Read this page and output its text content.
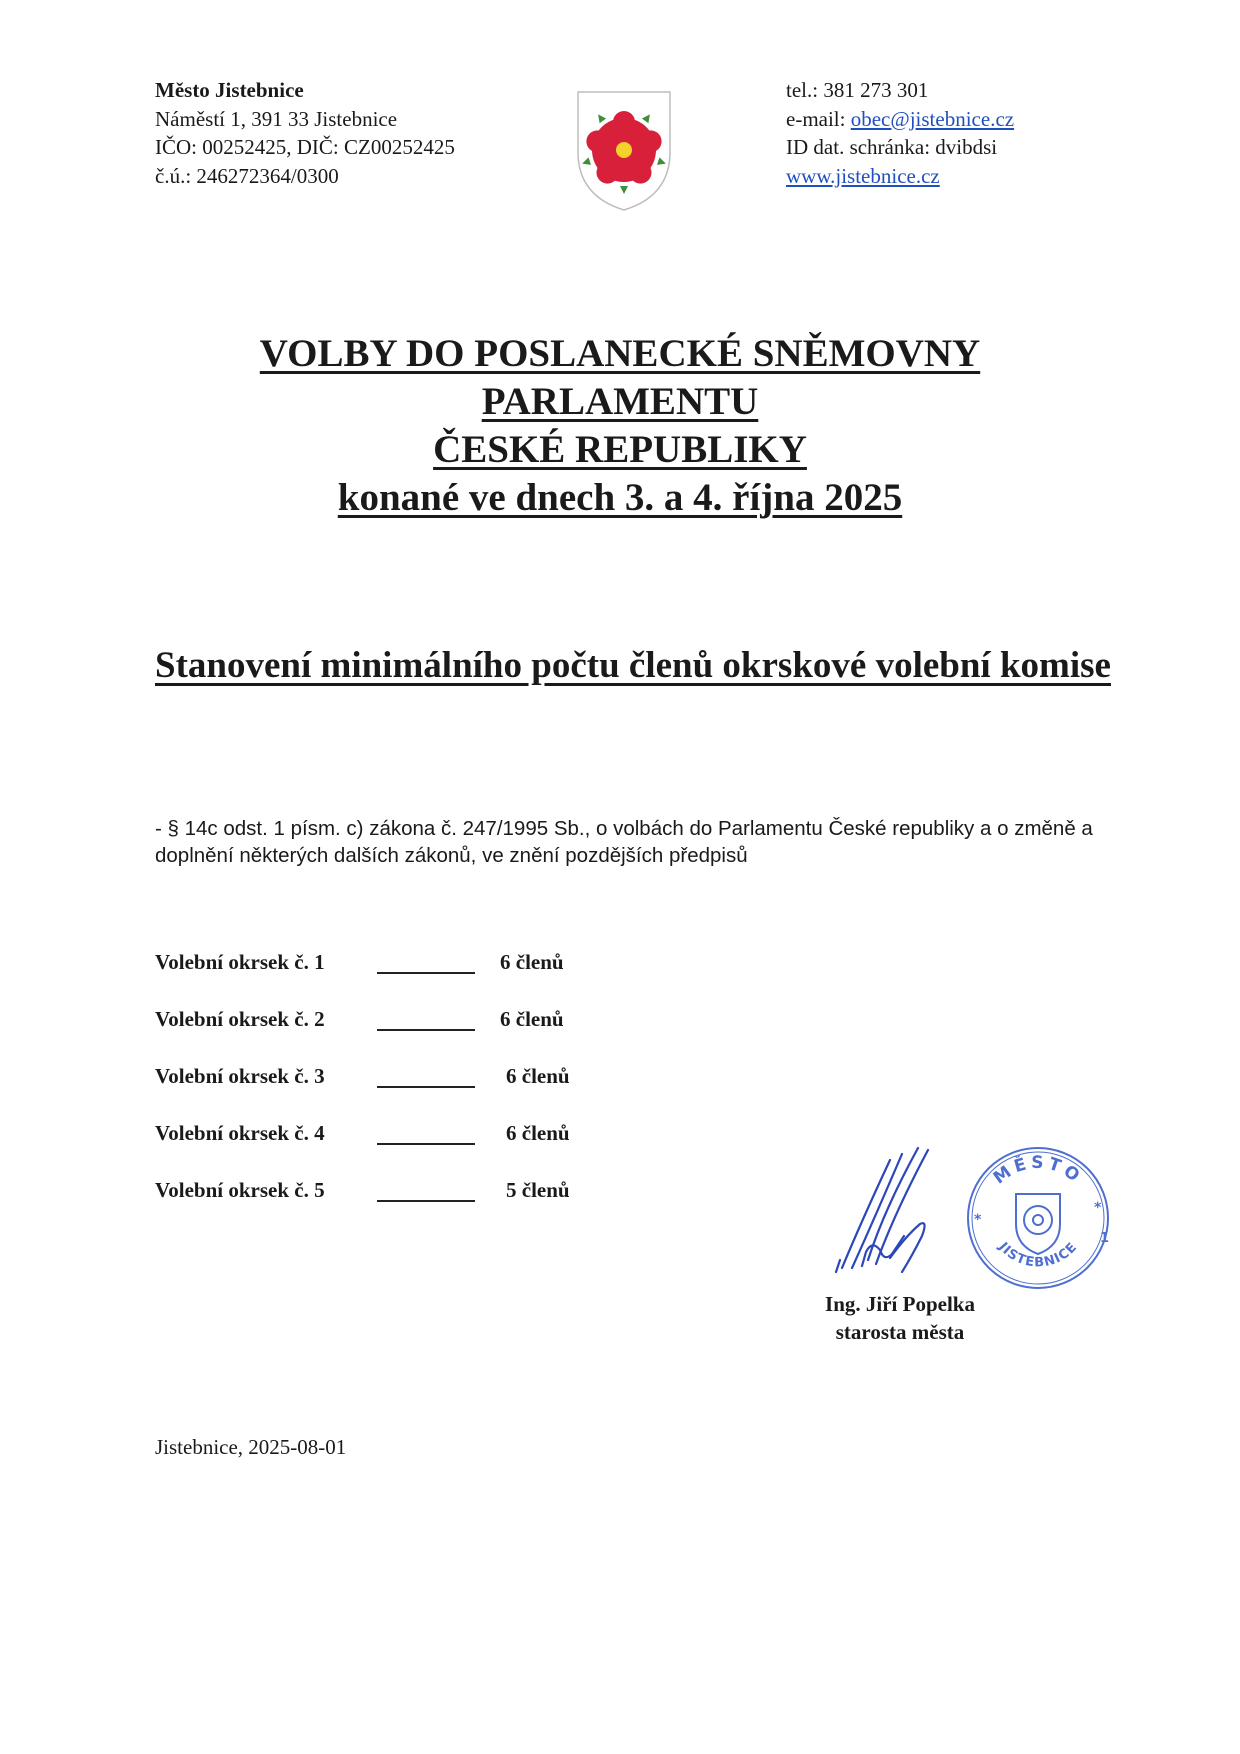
Město Jistebnice
Náměstí 1, 391 33 Jistebnice
IČO: 00252425, DIČ: CZ00252425
č.ú.: 246272364/0300
tel.: 381 273 301
e-mail: obec@jistebnice.cz
ID dat. schránka: dvibdsi
www.jistebnice.cz
VOLBY DO POSLANECKÉ SNĚMOVNY
PARLAMENTU
ČESKÉ REPUBLIKY
konané ve dnech 3. a 4. října 2025
Stanovení minimálního počtu členů okrskové volební komise
- § 14c odst. 1 písm. c) zákona č. 247/1995 Sb., o volbách do Parlamentu České republiky a o změně a doplnění některých dalších zákonů, ve znění pozdějších předpisů
Volební okrsek č. 1	6 členů
Volební okrsek č. 2	6 členů
Volební okrsek č. 3	6 členů
Volební okrsek č. 4	6 členů
Volební okrsek č. 5	5 členů
MĚSTO
JISTEBNICE
1
*
*
Ing. Jiří Popelka
starosta města
Jistebnice, 2025-08-01
